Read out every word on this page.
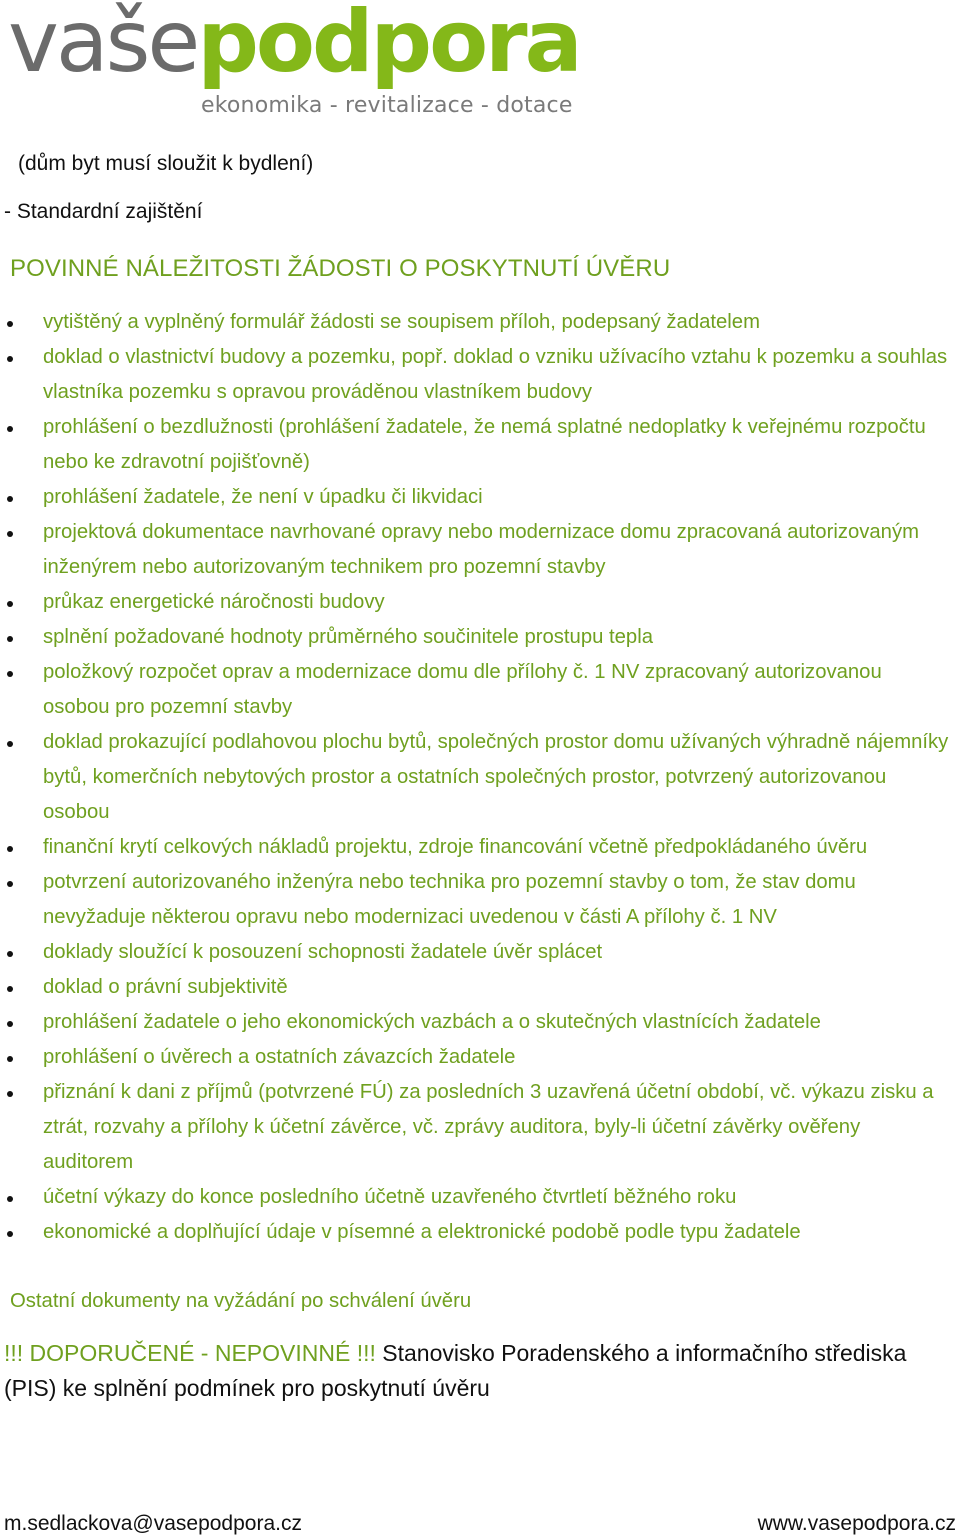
vašepodpora
ekonomika - revitalizace - dotace
(dům byt musí sloužit k bydlení)
- Standardní zajištění
POVINNÉ NÁLEŽITOSTI ŽÁDOSTI O POSKYTNUTÍ ÚVĚRU
vytištěný a vyplněný formulář žádosti se soupisem příloh, podepsaný žadatelem
doklad o vlastnictví budovy a pozemku, popř. doklad o vzniku užívacího vztahu k pozemku a souhlas vlastníka pozemku s opravou prováděnou vlastníkem budovy
prohlášení o bezdlužnosti (prohlášení žadatele, že nemá splatné nedoplatky k veřejnému rozpočtu nebo ke zdravotní pojišťovně)
prohlášení žadatele, že není v úpadku či likvidaci
projektová dokumentace navrhované opravy nebo modernizace domu zpracovaná autorizovaným inženýrem nebo autorizovaným technikem pro pozemní stavby
průkaz energetické náročnosti budovy
splnění požadované hodnoty průměrného součinitele prostupu tepla
položkový rozpočet oprav a modernizace domu dle přílohy č. 1 NV zpracovaný autorizovanou osobou pro pozemní stavby
doklad prokazující podlahovou plochu bytů, společných prostor domu užívaných výhradně nájemníky bytů, komerčních nebytových prostor a ostatních společných prostor, potvrzený autorizovanou osobou
finanční krytí celkových nákladů projektu, zdroje financování včetně předpokládaného úvěru
potvrzení autorizovaného inženýra nebo technika pro pozemní stavby o tom, že stav domu nevyžaduje některou opravu nebo modernizaci uvedenou v části A přílohy č. 1 NV
doklady sloužící k posouzení schopnosti žadatele úvěr splácet
doklad o právní subjektivitě
prohlášení žadatele o jeho ekonomických vazbách a o skutečných vlastnících žadatele
prohlášení o úvěrech a ostatních závazcích žadatele
přiznání k dani z příjmů (potvrzené FÚ) za posledních 3 uzavřená účetní období, vč. výkazu zisku a ztrát, rozvahy a přílohy k účetní závěrce, vč. zprávy auditora, byly-li účetní závěrky ověřeny auditorem
účetní výkazy do konce posledního účetně uzavřeného čtvrtletí běžného roku
ekonomické a doplňující údaje v písemné a elektronické podobě podle typu žadatele
Ostatní dokumenty na vyžádání po schválení úvěru
!!! DOPORUČENÉ - NEPOVINNÉ !!! Stanovisko Poradenského a informačního střediska (PIS) ke splnění podmínek pro poskytnutí úvěru
m.sedlackova@vasepodpora.cz	www.vasepodpora.cz
